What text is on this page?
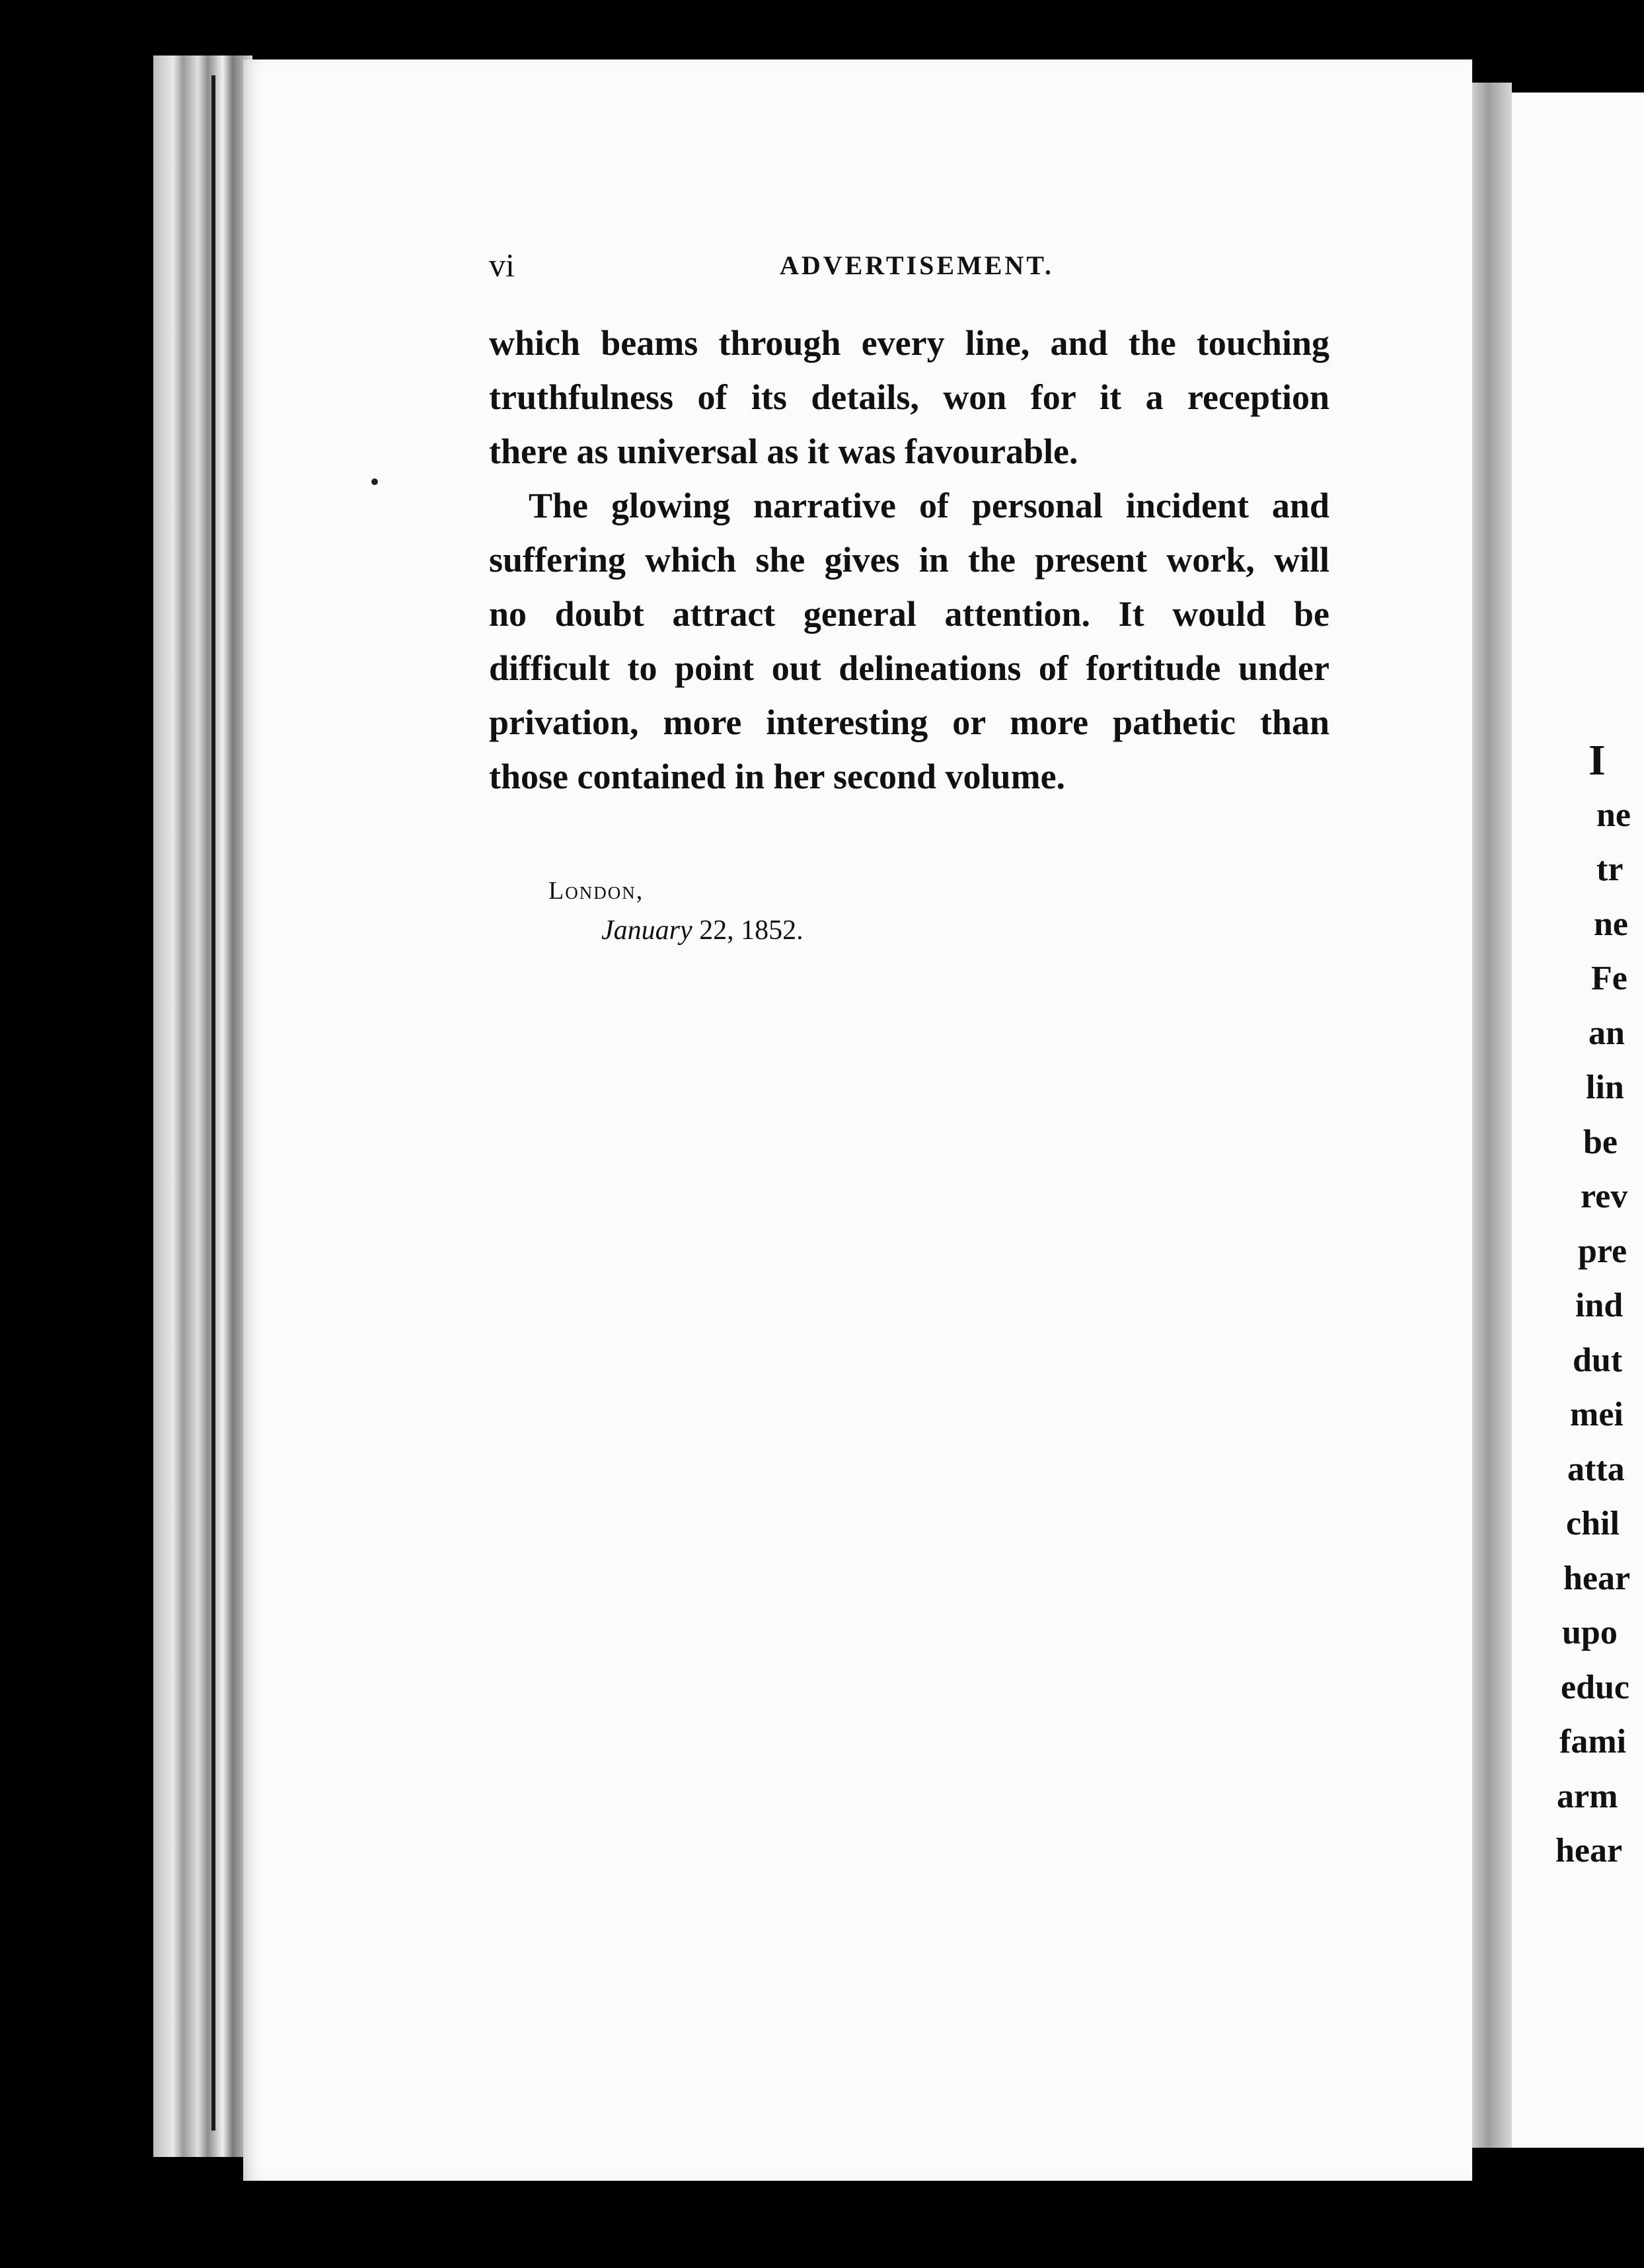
vi	ADVERTISEMENT.
which beams through every line, and the touching
truthfulness of its details, won for it a reception
there as universal as it was favourable.
The glowing narrative of personal incident and
suffering which she gives in the present work, will
no doubt attract general attention. It would be
difficult to point out delineations of fortitude under
privation, more interesting or more pathetic than
those contained in her second volume.
London,
January 22, 1852.
I
ne
tr
ne
Fe
an
lin
be
rev
pre
ind
dut
mei
atta
chil
hear
upo
educ
fami
arm
hear
